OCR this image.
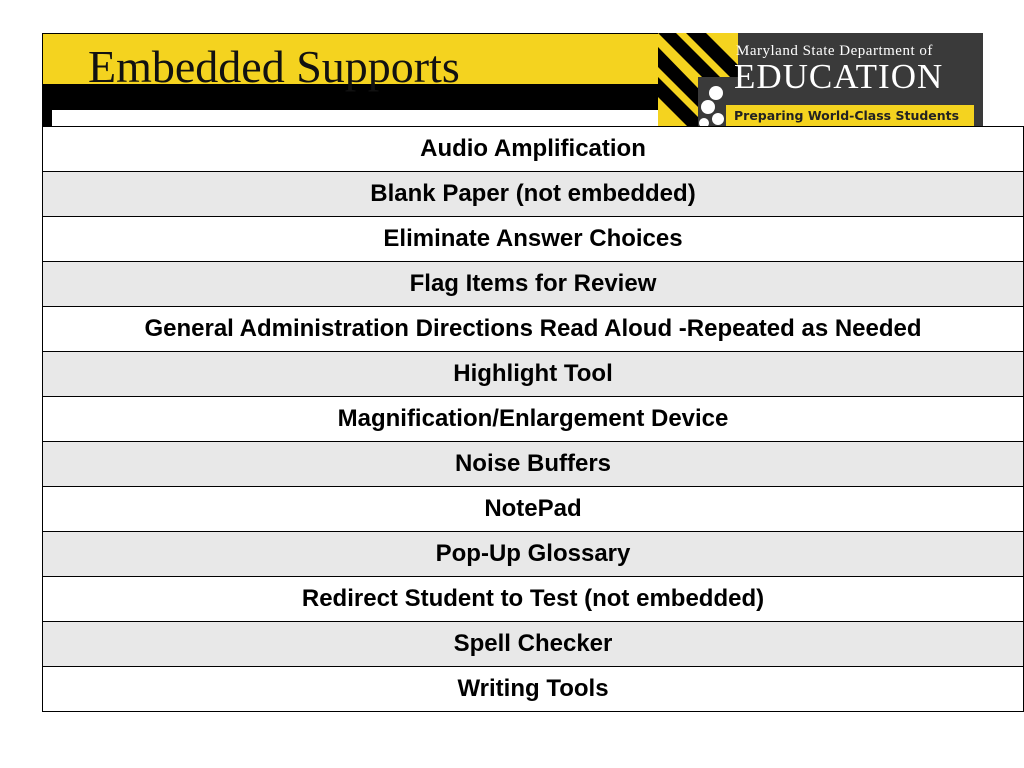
Embedded Supports	Maryland State Department of
EDUCATION
Preparing World-Class Students
Audio Amplification
Blank Paper (not embedded)
Eliminate Answer Choices
Flag Items for Review
General Administration Directions Read Aloud -Repeated as Needed
Highlight Tool
Magnification/Enlargement Device
Noise Buffers
NotePad
Pop-Up Glossary
Redirect Student to Test (not embedded)
Spell Checker
Writing Tools
